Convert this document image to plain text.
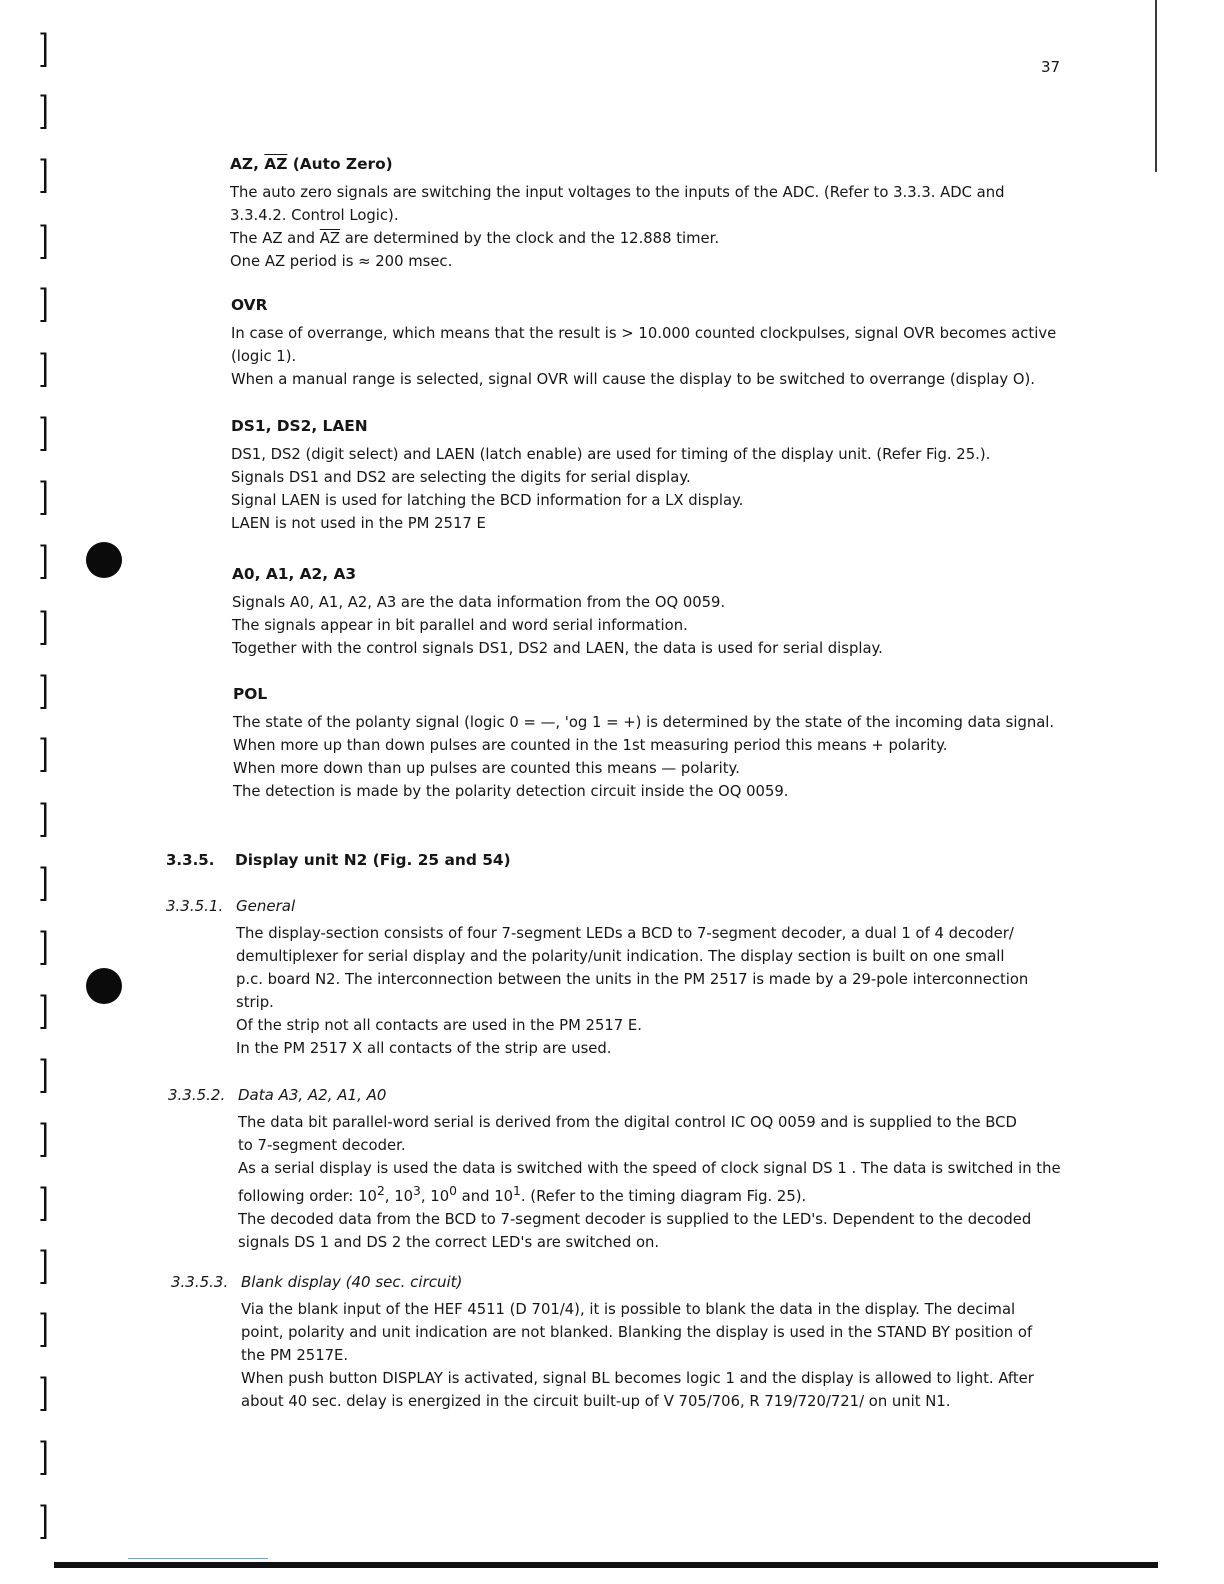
37
]
]
]
]
]
]
]
]
]
]
]
]
]
]
]
]
]
]
]
]
]
]
]
]
AZ, $\overline{AZ}$ (Auto Zero)

The auto zero signals are switching the input voltages to the inputs of the ADC. (Refer to 3.3.3. ADC and

3.3.4.2. Control Logic).

The AZ and $\overline{AZ}$ are determined by the clock and the 12.888 timer.

One AZ period is ≈ 200 msec.

OVR

In case of overrange, which means that the result is > 10.000 counted clockpulses, signal OVR becomes active

(logic 1).

When a manual range is selected, signal OVR will cause the display to be switched to overrange (display O).

DS1, DS2, LAEN

DS1, DS2 (digit select) and LAEN (latch enable) are used for timing of the display unit. (Refer Fig. 25.).

Signals DS1 and DS2 are selecting the digits for serial display.

Signal LAEN is used for latching the BCD information for a LX display.

LAEN is not used in the PM 2517 E

A0, A1, A2, A3

Signals A0, A1, A2, A3 are the data information from the OQ 0059.

The signals appear in bit parallel and word serial information.

Together with the control signals DS1, DS2 and LAEN, the data is used for serial display.

POL

The state of the polanty signal (logic 0 = —, 'og 1 = +) is determined by the state of the incoming data signal.

When more up than down pulses are counted in the 1st measuring period this means + polarity.

When more down than up pulses are counted this means — polarity.

The detection is made by the polarity detection circuit inside the OQ 0059.

3.3.5. Display unit N2 (Fig. 25 and 54)
3.3.5.1. General

The display-section consists of four 7-segment LEDs a BCD to 7-segment decoder, a dual 1 of 4 decoder/

demultiplexer for serial display and the polarity/unit indication. The display section is built on one small

p.c. board N2. The interconnection between the units in the PM 2517 is made by a 29-pole interconnection

strip.

Of the strip not all contacts are used in the PM 2517 E.

In the PM 2517 X all contacts of the strip are used.

3.3.5.2. Data A3, A2, A1, A0

The data bit parallel-word serial is derived from the digital control IC OQ 0059 and is supplied to the BCD

to 7-segment decoder.

As a serial display is used the data is switched with the speed of clock signal DS 1 . The data is switched in the

following order: $10^2$, $10^3$, $10^0$ and $10^1$. (Refer to the timing diagram Fig. 25).

The decoded data from the BCD to 7-segment decoder is supplied to the LED's. Dependent to the decoded

signals DS 1 and DS 2 the correct LED's are switched on.

3.3.5.3. Blank display (40 sec. circuit)

Via the blank input of the HEF 4511 (D 701/4), it is possible to blank the data in the display. The decimal

point, polarity and unit indication are not blanked. Blanking the display is used in the STAND BY position of

the PM 2517E.

When push button DISPLAY is activated, signal BL becomes logic 1 and the display is allowed to light. After

about 40 sec. delay is energized in the circuit built-up of V 705/706, R 719/720/721/ on unit N1.
